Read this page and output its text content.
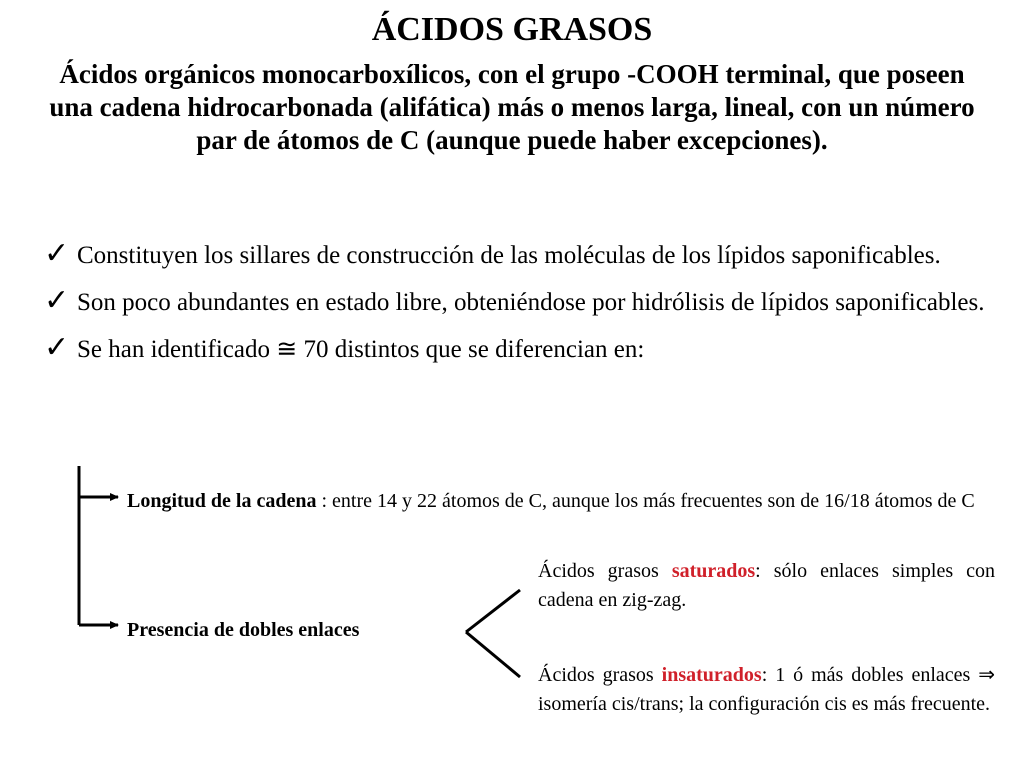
ÁCIDOS GRASOS

Ácidos orgánicos monocarboxílicos, con el grupo -COOH terminal, que poseen una cadena hidrocarbonada (alifática) más o menos larga, lineal, con un número par de átomos de C (aunque puede haber excepciones).

✓ Constituyen los sillares de construcción de las moléculas de los lípidos saponificables.
✓ Son poco abundantes en estado libre, obteniéndose por hidrólisis de lípidos saponificables.
✓ Se han identificado ≅ 70 distintos que se diferencian en:

Longitud de la cadena : entre 14 y 22 átomos de C, aunque los más frecuentes son de 16/18 átomos de C

Presencia de dobles enlaces

Ácidos grasos saturados: sólo enlaces simples con cadena en zig-zag.

Ácidos grasos insaturados: 1 ó más dobles enlaces ⇒ isomería cis/trans; la configuración cis es más frecuente.
